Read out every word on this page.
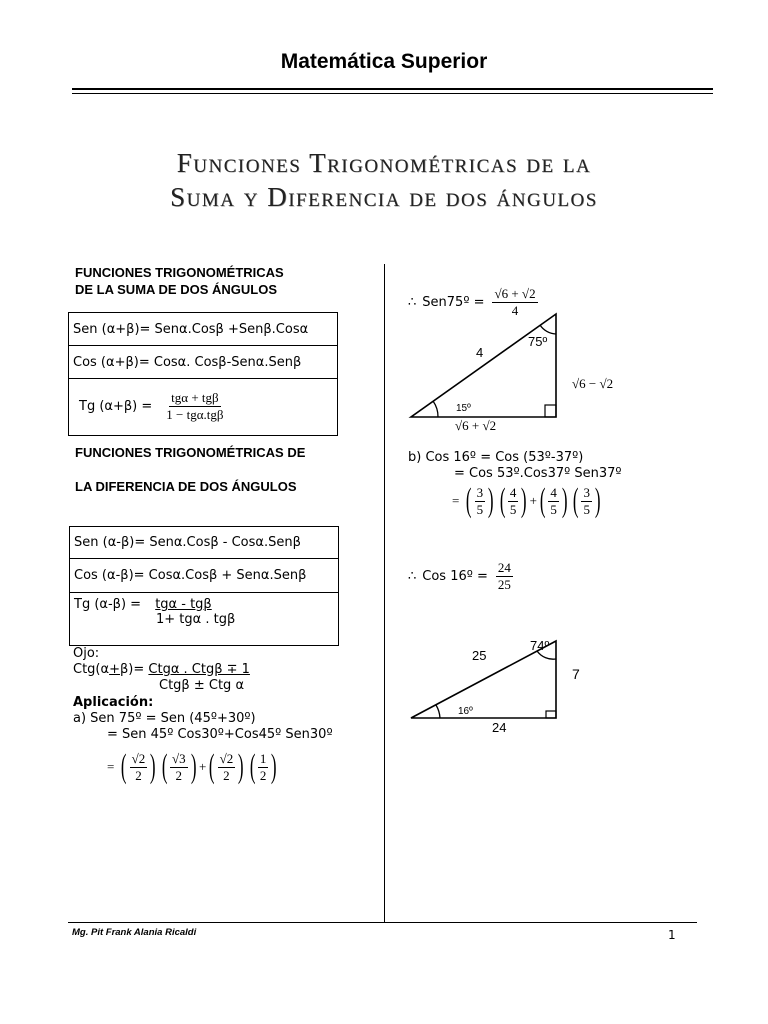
Matemática Superior
Funciones Trigonométricas de la
Suma y Diferencia de dos ángulos
FUNCIONES TRIGONOMÉTRICAS
DE LA SUMA DE DOS ÁNGULOS
Sen (α+β)= Senα.Cosβ +Senβ.Cosα
Cos (α+β)= Cosα. Cosβ-Senα.Senβ
Tg $(\alpha+\beta) = \frac{\text{tgα + tgβ}}{\text{1 − tgα.tgβ}}$
FUNCIONES TRIGONOMÉTRICAS DE
LA DIFERENCIA DE DOS ÁNGULOS
Sen (α-β)= Senα.Cosβ - Cosα.Senβ
Cos (α-β)= Cosα.Cosβ + Senα.Senβ
Tg (α-β) = tgα - tgβ
1+ tgα . tgβ
Ojo:
Ctg(α+β)= Ctgα . Ctgβ ∓ 1
Ctgβ ± Ctg α
Aplicación:
a) Sen 75º = Sen (45º+30º)
= Sen 45º Cos30º+Cos45º Sen30º
= ( $\frac{√2}{2}$ ) ( $\frac{√3}{2}$ ) + ( $\frac{√2}{2}$ ) ( $\frac{1}{2}$ )
∴ Sen75º = $\frac{√6 + √2}{4}$
4
75º
√6 − √2
15º
√6 + √2
b) Cos 16º = Cos (53º-37º)
= Cos 53º.Cos37º Sen37º
= ( $\frac{3}{5}$ ) ( $\frac{4}{5}$ ) + ( $\frac{4}{5}$ ) ( $\frac{3}{5}$ )
∴ Cos 16º = $\frac{24}{25}$
25
74º
7
16º
24
Mg. Pit Frank Alania Ricaldi	1
